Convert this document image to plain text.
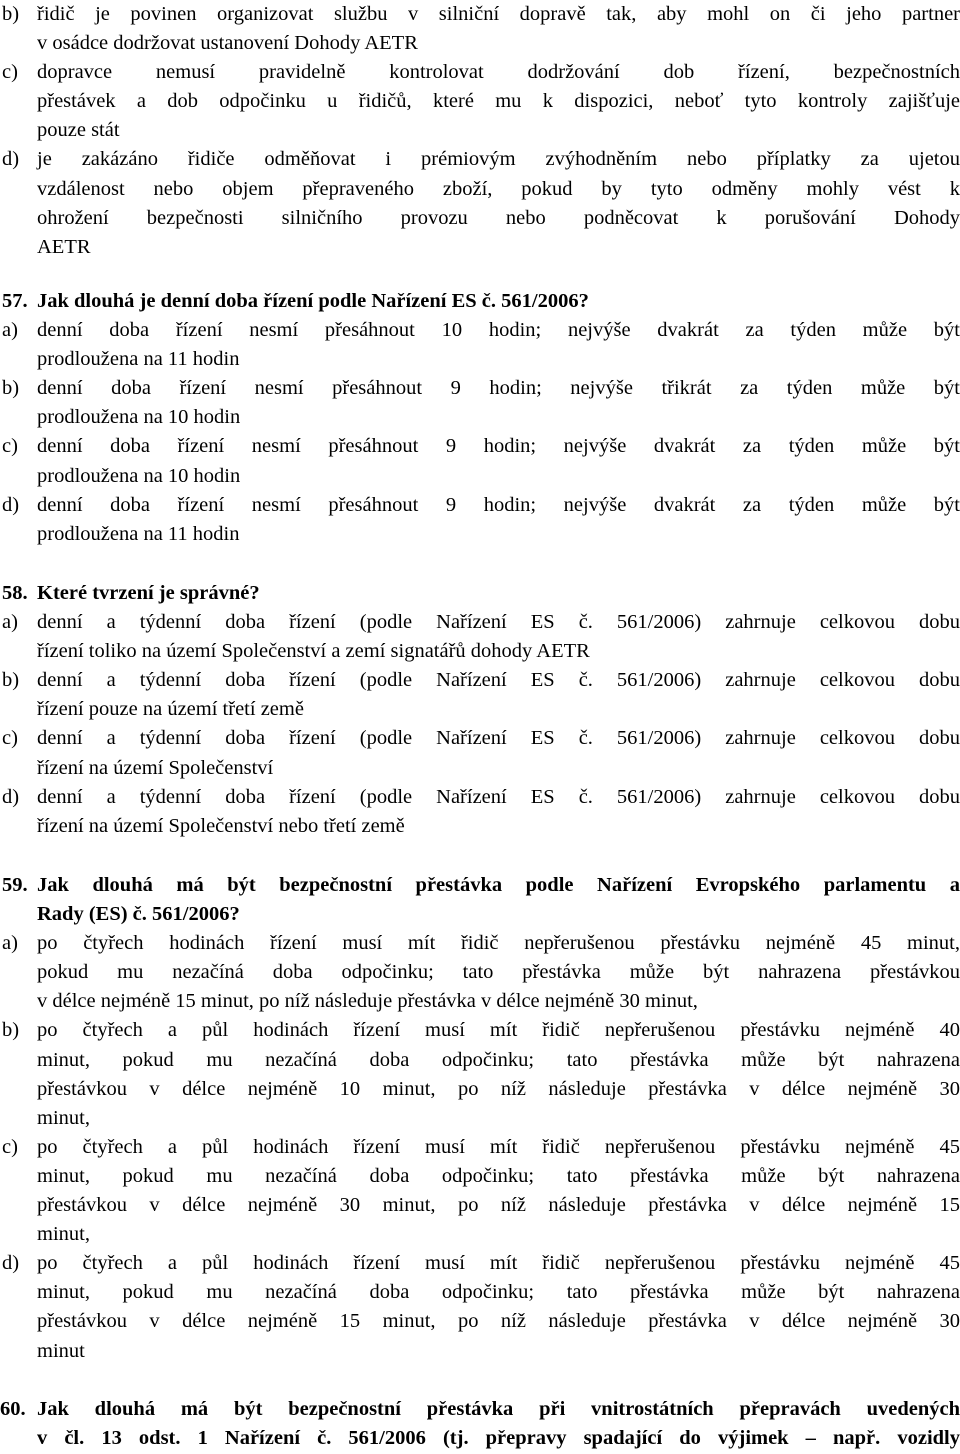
b) řidič je povinen organizovat službu v silniční dopravě tak, aby mohl on či jeho partner
v osádce dodržovat ustanovení Dohody AETR
c) dopravce nemusí pravidelně kontrolovat dodržování dob řízení, bezpečnostních
přestávek a dob odpočinku u řidičů, které mu k dispozici, neboť tyto kontroly zajišťuje
pouze stát
d) je zakázáno řidiče odměňovat i prémiovým zvýhodněním nebo příplatky za ujetou
vzdálenost nebo objem přepraveného zboží, pokud by tyto odměny mohly vést k
ohrožení bezpečnosti silničního provozu nebo podněcovat k porušování Dohody
AETR
57. Jak dlouhá je denní doba řízení podle Nařízení ES č. 561/2006?
a) denní doba řízení nesmí přesáhnout 10 hodin; nejvýše dvakrát za týden může být
prodloužena na 11 hodin
b) denní doba řízení nesmí přesáhnout 9 hodin; nejvýše třikrát za týden může být
prodloužena na 10 hodin
c) denní doba řízení nesmí přesáhnout 9 hodin; nejvýše dvakrát za týden může být
prodloužena na 10 hodin
d) denní doba řízení nesmí přesáhnout 9 hodin; nejvýše dvakrát za týden může být
prodloužena na 11 hodin
58. Které tvrzení je správné?
a) denní a týdenní doba řízení (podle Nařízení ES č. 561/2006) zahrnuje celkovou dobu
řízení toliko na území Společenství a zemí signatářů dohody AETR
b) denní a týdenní doba řízení (podle Nařízení ES č. 561/2006) zahrnuje celkovou dobu
řízení pouze na území třetí země
c) denní a týdenní doba řízení (podle Nařízení ES č. 561/2006) zahrnuje celkovou dobu
řízení na území Společenství
d) denní a týdenní doba řízení (podle Nařízení ES č. 561/2006) zahrnuje celkovou dobu
řízení na území Společenství nebo třetí země
59. Jak dlouhá má být bezpečnostní přestávka podle Nařízení Evropského parlamentu a
Rady (ES) č. 561/2006?
a) po čtyřech hodinách řízení musí mít řidič nepřerušenou přestávku nejméně 45 minut,
pokud mu nezačíná doba odpočinku; tato přestávka může být nahrazena přestávkou
v délce nejméně 15 minut, po níž následuje přestávka v délce nejméně 30 minut,
b) po čtyřech a půl hodinách řízení musí mít řidič nepřerušenou přestávku nejméně 40
minut, pokud mu nezačíná doba odpočinku; tato přestávka může být nahrazena
přestávkou v délce nejméně 10 minut, po níž následuje přestávka v délce nejméně 30
minut,
c) po čtyřech a půl hodinách řízení musí mít řidič nepřerušenou přestávku nejméně 45
minut, pokud mu nezačíná doba odpočinku; tato přestávka může být nahrazena
přestávkou v délce nejméně 30 minut, po níž následuje přestávka v délce nejméně 15
minut,
d) po čtyřech a půl hodinách řízení musí mít řidič nepřerušenou přestávku nejméně 45
minut, pokud mu nezačíná doba odpočinku; tato přestávka může být nahrazena
přestávkou v délce nejméně 15 minut, po níž následuje přestávka v délce nejméně 30
minut
60. Jak dlouhá má být bezpečnostní přestávka při vnitrostátních přepravách uvedených
v čl. 13 odst. 1 Nařízení č. 561/2006 (tj. přepravy spadající do výjimek – např. vozidly
